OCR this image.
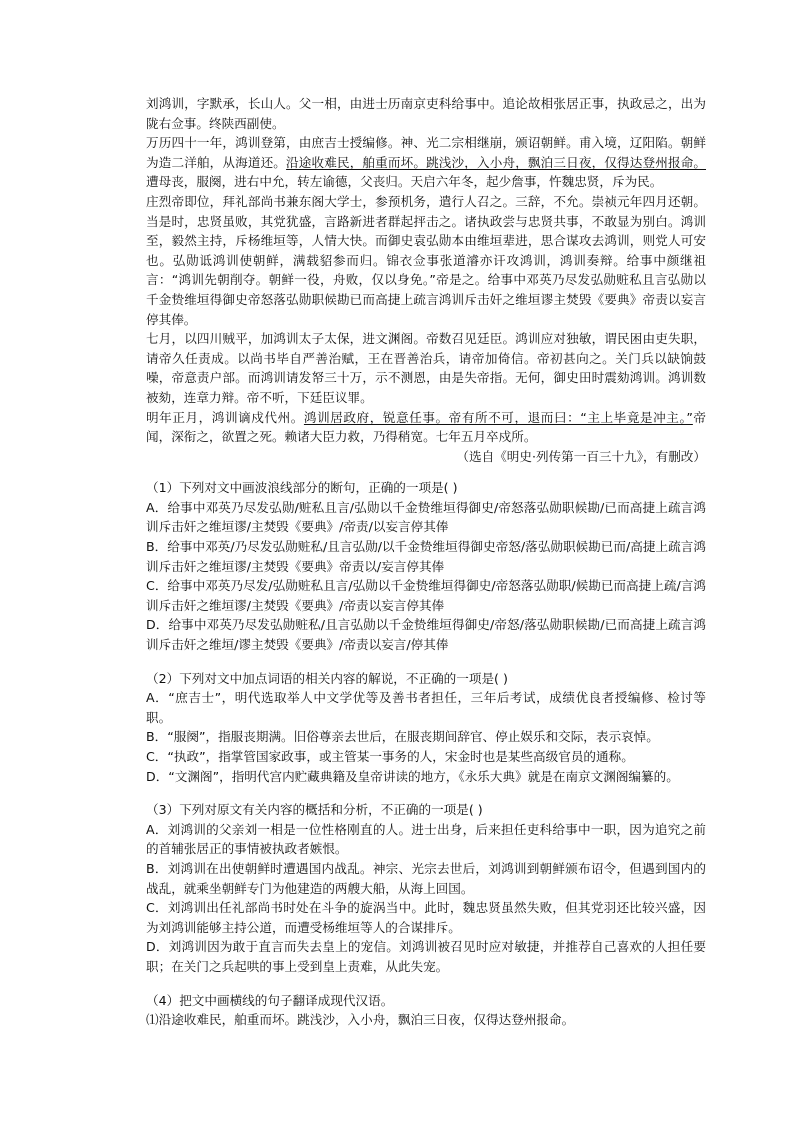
刘鸿训，字默承，长山人。父一相，由进士历南京吏科给事中。追论故相张居正事，执政忌之，出为陇右佥事。终陕西副使。

万历四十一年，鸿训登第，由庶吉士授编修。神、光二宗相继崩，颁诏朝鲜。甫入境，辽阳陷。朝鲜为造二洋舶，从海道还。沿途收难民，舶重而坏。跳浅沙，入小舟，飘泊三日夜，仅得达登州报命。遭母丧，服阕，进右中允，转左谕德，父丧归。天启六年冬，起少詹事，忤魏忠贤，斥为民。

庄烈帝即位，拜礼部尚书兼东阁大学士，参预机务，遣行人召之。三辞，不允。崇祯元年四月还朝。当是时，忠贤虽败，其党犹盛，言路新进者群起抨击之。诸执政尝与忠贤共事，不敢显为别白。鸿训至，毅然主持，斥杨维垣等，人情大快。而御史袁弘勋本由维垣辈进，思合谋攻去鸿训，则党人可安也。弘勋诋鸿训使朝鲜，满载貂参而归。锦衣佥事张道濬亦讦攻鸿训，鸿训奏辩。给事中颜继祖言：“鸿训先朝削夺。朝鲜一役，舟败，仅以身免。”帝是之。给事中邓英乃尽发弘勋赃私且言弘勋以千金贽维垣得御史帝怒落弘勋职候勘已而高捷上疏言鸿训斥击奸之维垣谬主焚毁《要典》帝责以妄言停其俸。

七月，以四川贼平，加鸿训太子太保，进文渊阁。帝数召见廷臣。鸿训应对独敏，谓民困由吏失职，请帝久任责成。以尚书毕自严善治赋，王在晋善治兵，请帝加倚信。帝初甚向之。关门兵以缺饷鼓噪，帝意责户部。而鸿训请发帑三十万，示不测恩，由是失帝指。无何，御史田时震劾鸿训。鸿训数被劾，连章力辩。帝不听，下廷臣议罪。

明年正月，鸿训谪戍代州。鸿训居政府，锐意任事。帝有所不可，退而曰：“主上毕竟是冲主。”帝闻，深衔之，欲置之死。赖诸大臣力救，乃得稍宽。七年五月卒戍所。

（选自《明史·列传第一百三十九》，有删改）

（1）下列对文中画波浪线部分的断句，正确的一项是( )

A．给事中邓英乃尽发弘勋/赃私且言/弘勋以千金贽维垣得御史/帝怒落弘勋职候勘/已而高捷上疏言鸿训斥击奸之维垣谬/主焚毁《要典》/帝责/以妄言停其俸

B．给事中邓英/乃尽发弘勋赃私/且言弘勋/以千金贽维垣得御史帝怒/落弘勋职候勘已而/高捷上疏言鸿训斥击奸之维垣谬/主焚毁《要典》帝责以/妄言停其俸

C．给事中邓英乃尽发/弘勋赃私且言/弘勋以千金贽维垣得御史/帝怒落弘勋职/候勘已而高捷上疏/言鸿训斥击奸之维垣谬/主焚毁《要典》/帝责以妄言停其俸

D．给事中邓英乃尽发弘勋赃私/且言弘勋以千金贽维垣得御史/帝怒/落弘勋职候勘/已而高捷上疏言鸿训斥击奸之维垣/谬主焚毁《要典》/帝责以妄言/停其俸

（2）下列对文中加点词语的相关内容的解说，不正确的一项是( )

A．“庶吉士”，明代选取举人中文学优等及善书者担任，三年后考试，成绩优良者授编修、检讨等职。

B．“服阕”，指服丧期满。旧俗尊亲去世后，在服丧期间辞官、停止娱乐和交际，表示哀悼。

C．“执政”，指掌管国家政事，或主管某一事务的人，宋金时也是某些高级官员的通称。

D．“文渊阁”，指明代宫内贮藏典籍及皇帝讲读的地方，《永乐大典》就是在南京文渊阁编纂的。

（3）下列对原文有关内容的概括和分析，不正确的一项是( )

A．刘鸿训的父亲刘一相是一位性格刚直的人。进士出身，后来担任吏科给事中一职，因为追究之前的首辅张居正的事情被执政者嫉恨。

B．刘鸿训在出使朝鲜时遭遇国内战乱。神宗、光宗去世后，刘鸿训到朝鲜颁布诏令，但遇到国内的战乱，就乘坐朝鲜专门为他建造的两艘大船，从海上回国。

C．刘鸿训出任礼部尚书时处在斗争的旋涡当中。此时，魏忠贤虽然失败，但其党羽还比较兴盛，因为刘鸿训能够主持公道，而遭受杨维垣等人的合谋排斥。

D．刘鸿训因为敢于直言而失去皇上的宠信。刘鸿训被召见时应对敏捷，并推荐自己喜欢的人担任要职；在关门之兵起哄的事上受到皇上责难，从此失宠。

（4）把文中画横线的句子翻译成现代汉语。

⑴沿途收难民，舶重而坏。跳浅沙，入小舟，飘泊三日夜，仅得达登州报命。
